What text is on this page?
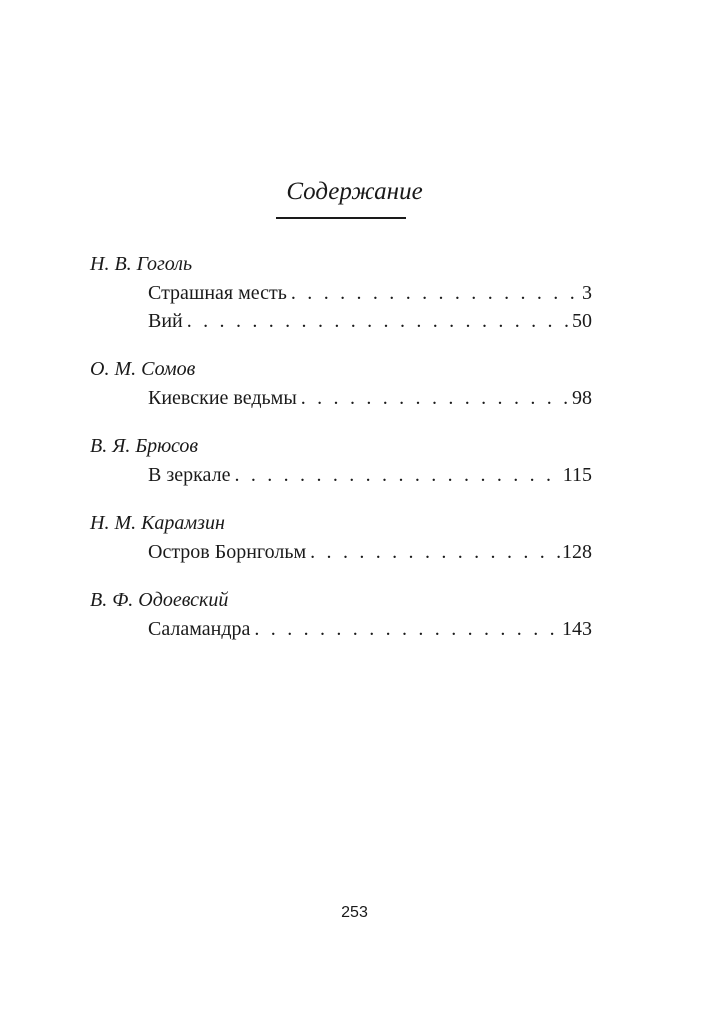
Содержание
Н. В. Гоголь
Страшная месть . . .	3
Вий . . .	50
О. М. Сомов
Киевские ведьмы . . .	98
В. Я. Брюсов
В зеркале . . .	115
Н. М. Карамзин
Остров Борнгольм . . .	128
В. Ф. Одоевский
Саламандра . . .	143
253
